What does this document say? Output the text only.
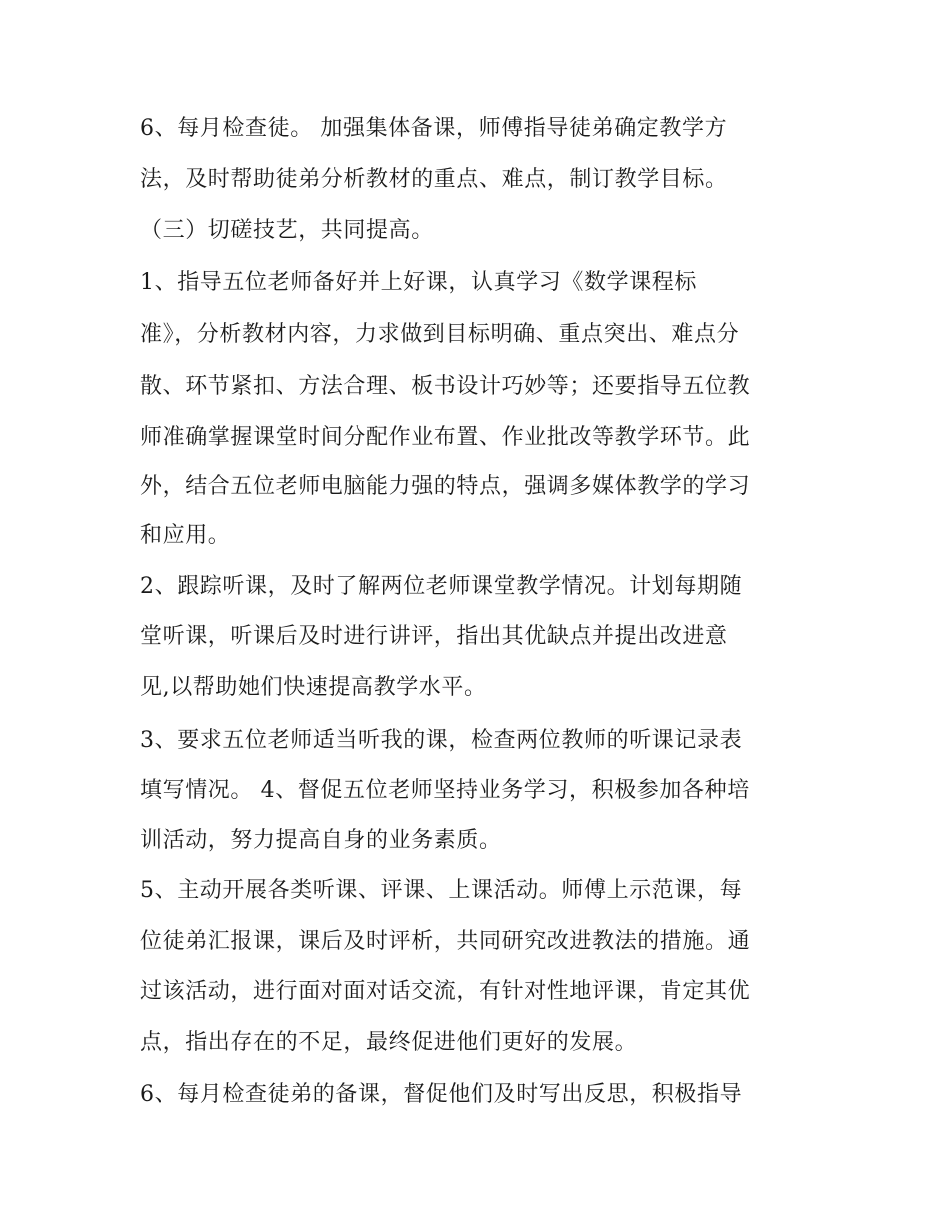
6、每月检查徒。 加强集体备课，师傅指导徒弟确定教学方
法，及时帮助徒弟分析教材的重点、难点，制订教学目标。
（三）切磋技艺，共同提高。
1、指导五位老师备好并上好课，认真学习《数学课程标
准》，分析教材内容，力求做到目标明确、重点突出、难点分
散、环节紧扣、方法合理、板书设计巧妙等；还要指导五位教
师准确掌握课堂时间分配作业布置、作业批改等教学环节。此
外，结合五位老师电脑能力强的特点，强调多媒体教学的学习
和应用。
2、跟踪听课，及时了解两位老师课堂教学情况。计划每期随
堂听课，听课后及时进行讲评，指出其优缺点并提出改进意
见,以帮助她们快速提高教学水平。
3、要求五位老师适当听我的课，检查两位教师的听课记录表
填写情况。 4、督促五位老师坚持业务学习，积极参加各种培
训活动，努力提高自身的业务素质。
5、主动开展各类听课、评课、上课活动。师傅上示范课，每
位徒弟汇报课，课后及时评析，共同研究改进教法的措施。通
过该活动，进行面对面对话交流，有针对性地评课，肯定其优
点，指出存在的不足，最终促进他们更好的发展。
6、每月检查徒弟的备课，督促他们及时写出反思，积极指导
